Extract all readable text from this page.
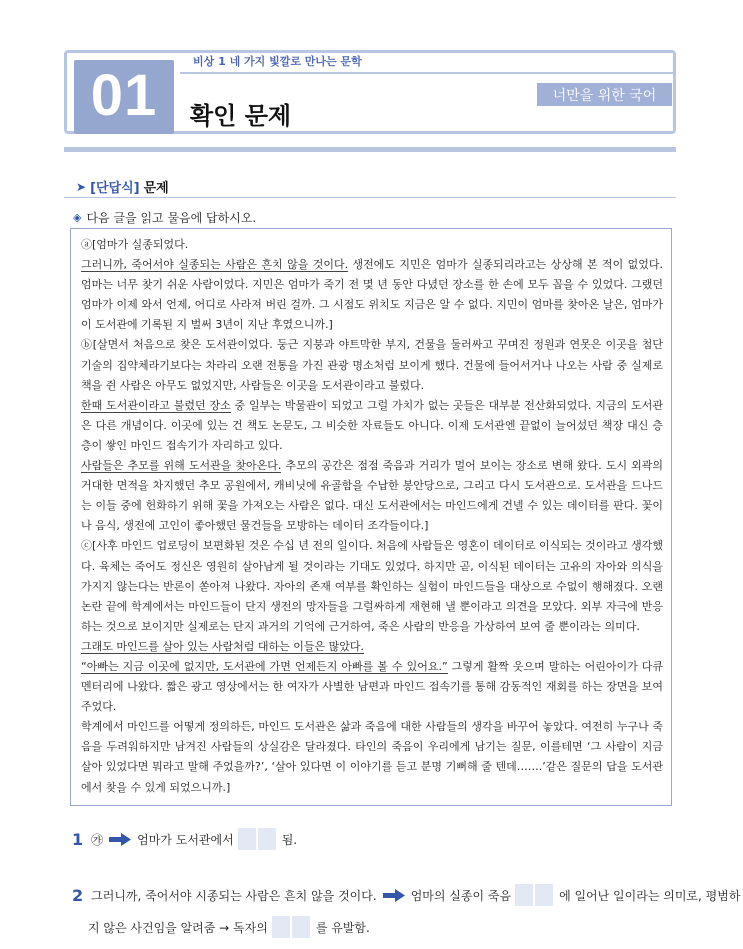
01
비상 1 네 가지 빛깔로 만나는 문학
확인 문제
너만을 위한 국어
➤ [단답식] 문제
◈ 다음 글을 읽고 물음에 답하시오.

ⓐ[엄마가 실종되었다.

그러니까, 죽어서야 실종되는 사람은 흔치 않을 것이다. 생전에도 지민은 엄마가 실종되리라고는 상상해 본 적이 없었다. 엄마는 너무 찾기 쉬운 사람이었다. 지민은 엄마가 죽기 전 몇 년 동안 다녔던 장소를 한 손에 모두 꼽을 수 있었다. 그랬던 엄마가 이제 와서 언제, 어디로 사라져 버린 걸까. 그 시점도 위치도 지금은 알 수 없다. 지민이 엄마를 찾아온 날은, 엄마가 이 도서관에 기록된 지 벌써 3년이 지난 후였으니까.]

ⓑ[살면서 처음으로 찾은 도서관이었다. 둥근 지붕과 야트막한 부지, 건물을 둘러싸고 꾸며진 정원과 연못은 이곳을 첨단 기술의 집약체라기보다는 차라리 오랜 전통을 가진 관광 명소처럼 보이게 했다. 건물에 들어서거나 나오는 사람 중 실제로 책을 쥔 사람은 아무도 없었지만, 사람들은 이곳을 도서관이라고 불렀다.

한때 도서관이라고 불렸던 장소 중 일부는 박물관이 되었고 그럴 가치가 없는 곳들은 대부분 전산화되었다. 지금의 도서관은 다른 개념이다. 이곳에 있는 건 책도 논문도, 그 비슷한 자료들도 아니다. 이제 도서관엔 끝없이 늘어섰던 책장 대신 층층이 쌓인 마인드 접속기가 자리하고 있다.

사람들은 추모를 위해 도서관을 찾아온다. 추모의 공간은 점점 죽음과 거리가 멀어 보이는 장소로 변해 왔다. 도시 외곽의 거대한 면적을 차지했던 추모 공원에서, 캐비닛에 유골함을 수납한 봉안당으로, 그리고 다시 도서관으로. 도서관을 드나드는 이들 중에 헌화하기 위해 꽃을 가져오는 사람은 없다. 대신 도서관에서는 마인드에게 건넬 수 있는 데이터를 판다. 꽃이나 음식, 생전에 고인이 좋아했던 물건들을 모방하는 데이터 조각들이다.]

ⓒ[사후 마인드 업로딩이 보편화된 것은 수십 년 전의 일이다. 처음에 사람들은 영혼이 데이터로 이식되는 것이라고 생각했다. 육체는 죽어도 정신은 영원히 살아남게 될 것이라는 기대도 있었다. 하지만 곧, 이식된 데이터는 고유의 자아와 의식을 가지지 않는다는 반론이 쏟아져 나왔다. 자아의 존재 여부를 확인하는 실험이 마인드들을 대상으로 수없이 행해졌다. 오랜 논란 끝에 학계에서는 마인드들이 단지 생전의 망자들을 그럴싸하게 재현해 낼 뿐이라고 의견을 모았다. 외부 자극에 반응하는 것으로 보이지만 실제로는 단지 과거의 기억에 근거하여, 죽은 사람의 반응을 가상하여 보여 줄 뿐이라는 의미다.

그래도 마인드를 살아 있는 사람처럼 대하는 이들은 많았다.

“아빠는 지금 이곳에 없지만, 도서관에 가면 언제든지 아빠를 볼 수 있어요.” 그렇게 활짝 웃으며 말하는 어린아이가 다큐멘터리에 나왔다. 짧은 광고 영상에서는 한 여자가 사별한 남편과 마인드 접속기를 통해 감동적인 재회를 하는 장면을 보여 주었다.

학계에서 마인드를 어떻게 정의하든, 마인드 도서관은 삶과 죽음에 대한 사람들의 생각을 바꾸어 놓았다. 여전히 누구나 죽음을 두려워하지만 남겨진 사람들의 상실감은 달라졌다. 타인의 죽음이 우리에게 남기는 질문, 이를테면 ‘그 사람이 지금 살아 있었다면 뭐라고 말해 주었을까?’, ‘살아 있다면 이 이야기를 듣고 분명 기뻐해 줄 텐데…….’같은 질문의 답을 도서관에서 찾을 수 있게 되었으니까.]

1 ㉮	엄마가 도서관에서	됨.
2 그러니까, 죽어서야 시종되는 사람은 흔치 않을 것이다.	엄마의 실종이 죽음	에 일어난 일이라는 의미로, 평범하
지 않은 사건임을 알려줌 → 독자의	를 유발함.
